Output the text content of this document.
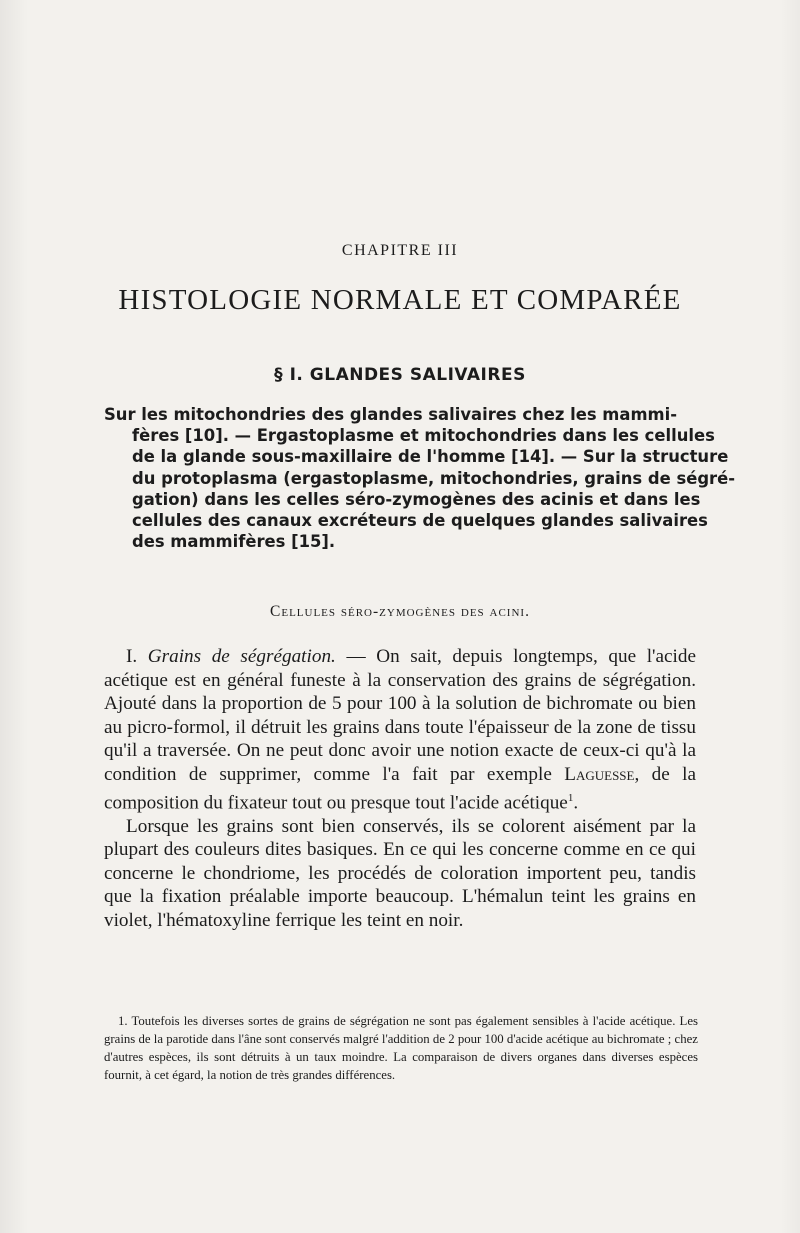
CHAPITRE III
HISTOLOGIE NORMALE ET COMPARÉE
§ I. GLANDES SALIVAIRES
Sur les mitochondries des glandes salivaires chez les mammi-
fères [10]. — Ergastoplasme et mitochondries dans les cellules
de la glande sous-maxillaire de l'homme [14]. — Sur la structure
du protoplasma (ergastoplasme, mitochondries, grains de ségré-
gation) dans les celles séro-zymogènes des acinis et dans les
cellules des canaux excréteurs de quelques glandes salivaires
des mammifères [15].
Cellules séro-zymogènes des acini.

I. Grains de ségrégation. — On sait, depuis longtemps, que l'acide acétique est en général funeste à la conservation des grains de ségrégation. Ajouté dans la proportion de 5 pour 100 à la solution de bichromate ou bien au picro-formol, il détruit les grains dans toute l'épaisseur de la zone de tissu qu'il a traversée. On ne peut donc avoir une notion exacte de ceux-ci qu'à la condition de supprimer, comme l'a fait par exemple Laguesse, de la composition du fixateur tout ou presque tout l'acide acétique$^1$.

Lorsque les grains sont bien conservés, ils se colorent aisément par la plupart des couleurs dites basiques. En ce qui les concerne comme en ce qui concerne le chondriome, les procédés de coloration importent peu, tandis que la fixation préalable importe beaucoup. L'hémalun teint les grains en violet, l'hématoxyline ferrique les teint en noir.

1. Toutefois les diverses sortes de grains de ségrégation ne sont pas également sensibles à l'acide acétique. Les grains de la parotide dans l'âne sont conservés malgré l'addition de 2 pour 100 d'acide acétique au bichromate ; chez d'autres espèces, ils sont détruits à un taux moindre. La comparaison de divers organes dans diverses espèces fournit, à cet égard, la notion de très grandes différences.
